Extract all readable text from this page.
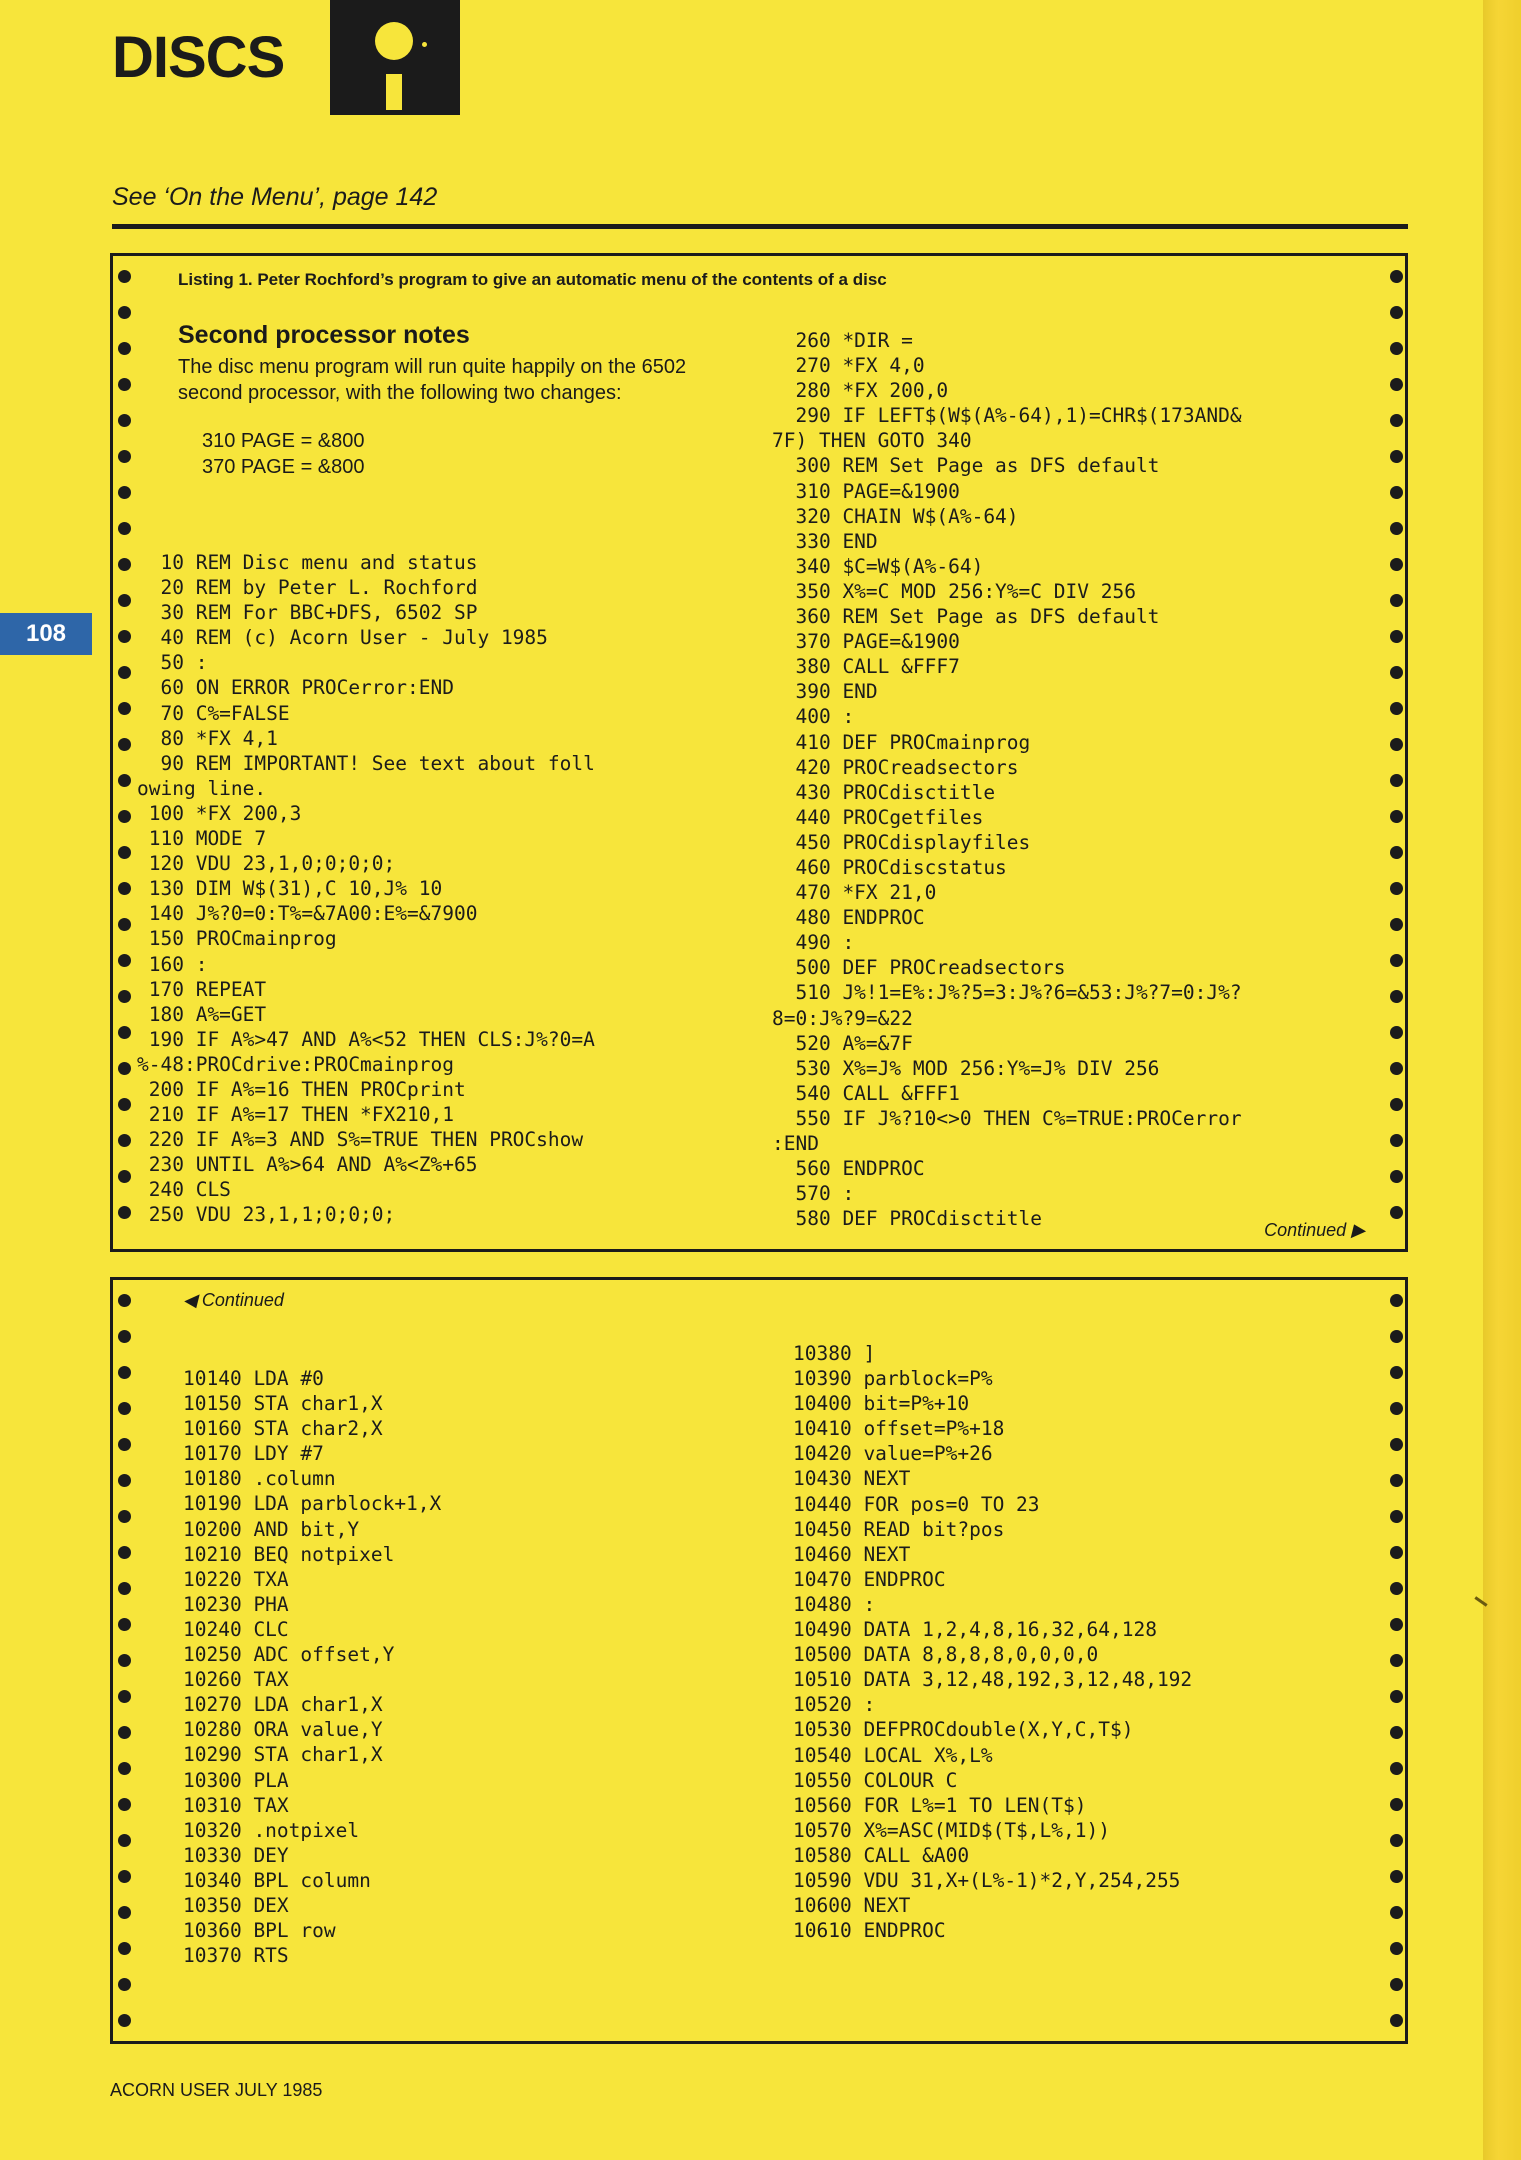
DISCS
See ‘On the Menu’, page 142
108
Listing 1. Peter Rochford’s program to give an automatic menu of the contents of a disc

Second processor notes

The disc menu program will run quite happily on the 6502 second processor, with the following two changes:

310 PAGE = &800
370 PAGE = &800
10 REM Disc menu and status
20 REM by Peter L. Rochford
30 REM For BBC+DFS, 6502 SP
40 REM (c) Acorn User - July 1985
50 :
60 ON ERROR PROCerror:END
70 C%=FALSE
80 *FX 4,1
90 REM IMPORTANT! See text about foll
owing line.
100 *FX 200,3
110 MODE 7
120 VDU 23,1,0;0;0;0;
130 DIM W$(31),C 10,J% 10
140 J%?0=0:T%=&7A00:E%=&7900
150 PROCmainprog
160 :
170 REPEAT
180 A%=GET
190 IF A%>47 AND A%<52 THEN CLS:J%?0=A
%-48:PROCdrive:PROCmainprog
200 IF A%=16 THEN PROCprint
210 IF A%=17 THEN *FX210,1
220 IF A%=3 AND S%=TRUE THEN PROCshow
230 UNTIL A%>64 AND A%<Z%+65
240 CLS
250 VDU 23,1,1;0;0;0;
260 *DIR =
270 *FX 4,0
280 *FX 200,0
290 IF LEFT$(W$(A%-64),1)=CHR$(173AND&
7F) THEN GOTO 340
300 REM Set Page as DFS default
310 PAGE=&1900
320 CHAIN W$(A%-64)
330 END
340 $C=W$(A%-64)
350 X%=C MOD 256:Y%=C DIV 256
360 REM Set Page as DFS default
370 PAGE=&1900
380 CALL &FFF7
390 END
400 :
410 DEF PROCmainprog
420 PROCreadsectors
430 PROCdisctitle
440 PROCgetfiles
450 PROCdisplayfiles
460 PROCdiscstatus
470 *FX 21,0
480 ENDPROC
490 :
500 DEF PROCreadsectors
510 J%!1=E%:J%?5=3:J%?6=&53:J%?7=0:J%?
8=0:J%?9=&22
520 A%=&7F
530 X%=J% MOD 256:Y%=J% DIV 256
540 CALL &FFF1
550 IF J%?10<>0 THEN C%=TRUE:PROCerror
:END
560 ENDPROC
570 :
580 DEF PROCdisctitle	Continued ▶
◀ Continued
10140 LDA #0
10150 STA char1,X
10160 STA char2,X
10170 LDY #7
10180 .column
10190 LDA parblock+1,X
10200 AND bit,Y
10210 BEQ notpixel
10220 TXA
10230 PHA
10240 CLC
10250 ADC offset,Y
10260 TAX
10270 LDA char1,X
10280 ORA value,Y
10290 STA char1,X
10300 PLA
10310 TAX
10320 .notpixel
10330 DEY
10340 BPL column
10350 DEX
10360 BPL row
10370 RTS
10380 ]
10390 parblock=P%
10400 bit=P%+10
10410 offset=P%+18
10420 value=P%+26
10430 NEXT
10440 FOR pos=0 TO 23
10450 READ bit?pos
10460 NEXT
10470 ENDPROC
10480 :
10490 DATA 1,2,4,8,16,32,64,128
10500 DATA 8,8,8,8,0,0,0,0
10510 DATA 3,12,48,192,3,12,48,192
10520 :
10530 DEFPROCdouble(X,Y,C,T$)
10540 LOCAL X%,L%
10550 COLOUR C
10560 FOR L%=1 TO LEN(T$)
10570 X%=ASC(MID$(T$,L%,1))
10580 CALL &A00
10590 VDU 31,X+(L%-1)*2,Y,254,255
10600 NEXT
10610 ENDPROC
ACORN USER JULY 1985
